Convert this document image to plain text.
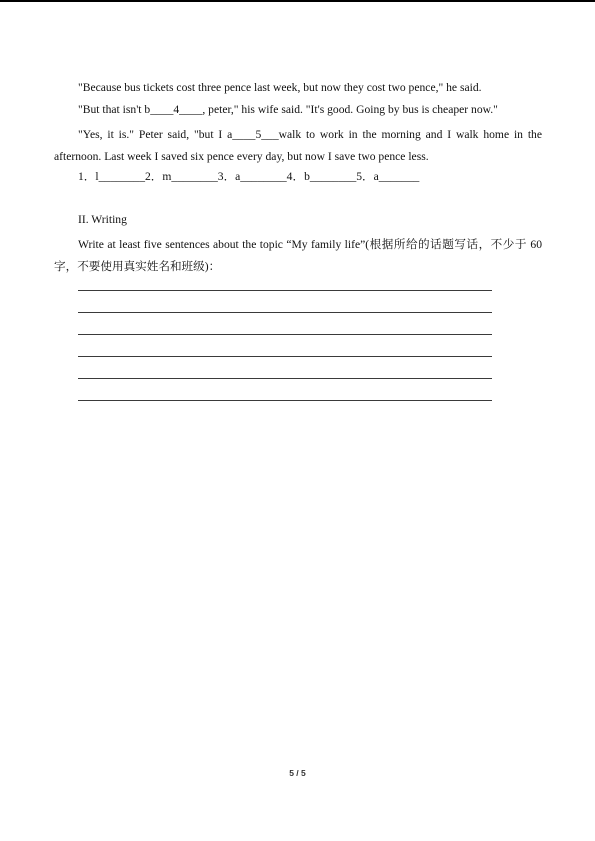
"Because bus tickets cost three pence last week, but now they cost two pence," he said.
"But that isn't b____4____, peter," his wife said. "It's good. Going by bus is cheaper now."
"Yes, it is." Peter said, "but I a____5___walk to work in the morning and I walk home in the afternoon. Last week I saved six pence every day, but now I save two pence less.
1．l________2．m________3．a________4．b________5．a_______
II. Writing
Write at least five sentences about the topic “My family life”(根据所给的话题写话，不少于 60 字，不要使用真实姓名和班级)：
5 / 5
